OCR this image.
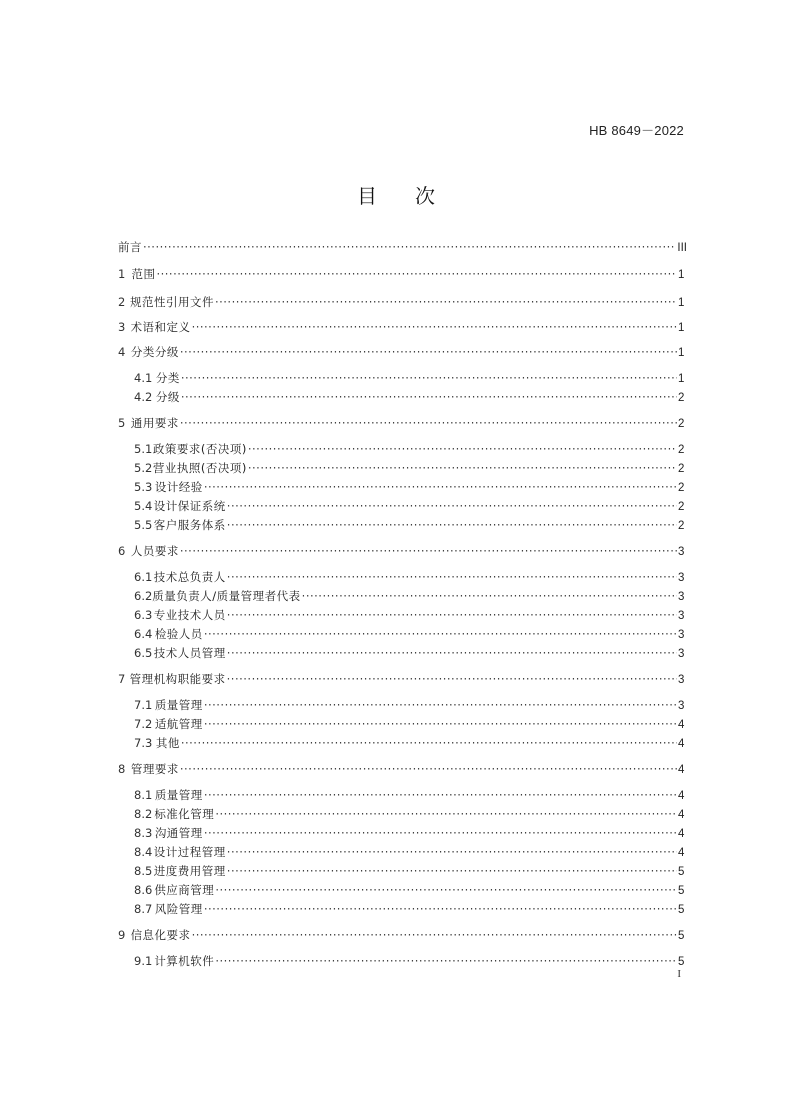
HB 8649－2022
目次
前言 ·····	III
1 范围 ·····	1
2 规范性引用文件 ·····	1
3 术语和定义 ·····	1
4 分类分级 ·····	1
4.1 分类 ·····	1
4.2 分级 ·····	2
5 通用要求 ·····	2
5.1 政策要求(否决项) ·····	2
5.2 营业执照(否决项) ·····	2
5.3 设计经验 ·····	2
5.4 设计保证系统 ·····	2
5.5 客户服务体系 ·····	2
6 人员要求 ·····	3
6.1 技术总负责人 ·····	3
6.2 质量负责人/质量管理者代表 ·····	3
6.3 专业技术人员 ·····	3
6.4 检验人员 ·····	3
6.5 技术人员管理 ·····	3
7 管理机构职能要求 ·····	3
7.1 质量管理 ·····	3
7.2 适航管理 ·····	4
7.3 其他 ·····	4
8 管理要求 ·····	4
8.1 质量管理 ·····	4
8.2 标准化管理 ·····	4
8.3 沟通管理 ·····	4
8.4 设计过程管理 ·····	4
8.5 进度费用管理 ·····	5
8.6 供应商管理 ·····	5
8.7 风险管理 ·····	5
9 信息化要求 ·····	5
9.1 计算机软件 ·····	5
I
